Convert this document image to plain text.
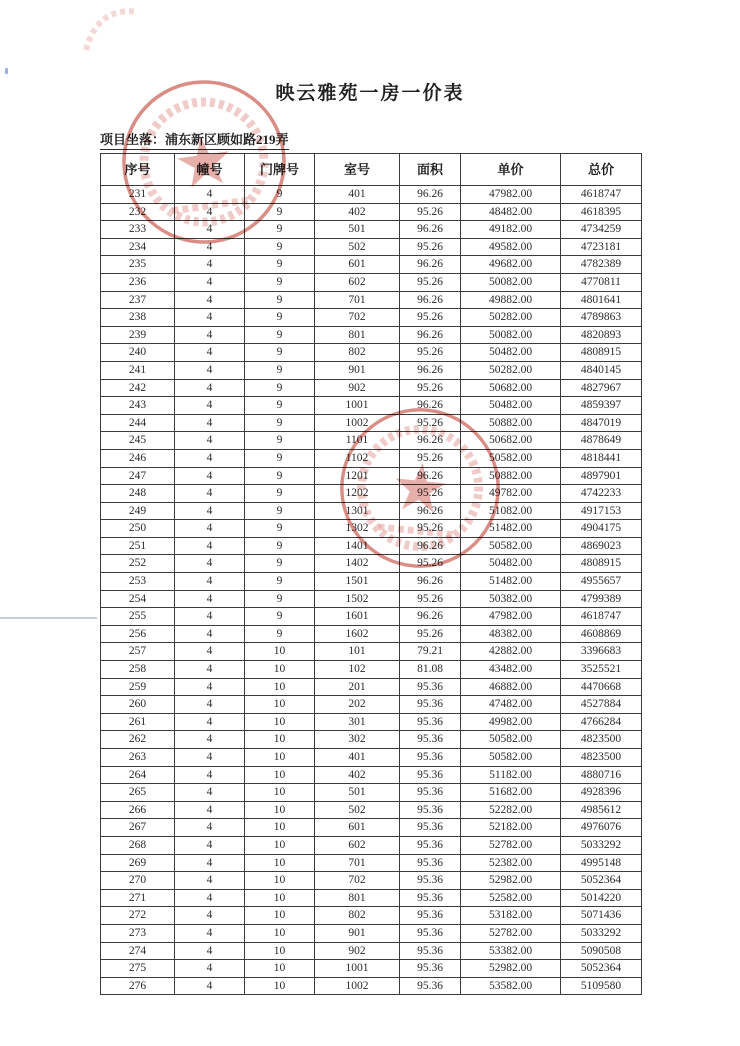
映云雅苑一房一价表
项目坐落：浦东新区顾如路219弄
序号	幢号	门牌号	室号	面积	单价	总价
231	4	9	401	96.26	47982.00	4618747
232	4	9	402	95.26	48482.00	4618395
233	4	9	501	96.26	49182.00	4734259
234	4	9	502	95.26	49582.00	4723181
235	4	9	601	96.26	49682.00	4782389
236	4	9	602	95.26	50082.00	4770811
237	4	9	701	96.26	49882.00	4801641
238	4	9	702	95.26	50282.00	4789863
239	4	9	801	96.26	50082.00	4820893
240	4	9	802	95.26	50482.00	4808915
241	4	9	901	96.26	50282.00	4840145
242	4	9	902	95.26	50682.00	4827967
243	4	9	1001	96.26	50482.00	4859397
244	4	9	1002	95.26	50882.00	4847019
245	4	9	1101	96.26	50682.00	4878649
246	4	9	1102	95.26	50582.00	4818441
247	4	9	1201	96.26	50882.00	4897901
248	4	9	1202	95.26	49782.00	4742233
249	4	9	1301	96.26	51082.00	4917153
250	4	9	1302	95.26	51482.00	4904175
251	4	9	1401	96.26	50582.00	4869023
252	4	9	1402	95.26	50482.00	4808915
253	4	9	1501	96.26	51482.00	4955657
254	4	9	1502	95.26	50382.00	4799389
255	4	9	1601	96.26	47982.00	4618747
256	4	9	1602	95.26	48382.00	4608869
257	4	10	101	79.21	42882.00	3396683
258	4	10	102	81.08	43482.00	3525521
259	4	10	201	95.36	46882.00	4470668
260	4	10	202	95.36	47482.00	4527884
261	4	10	301	95.36	49982.00	4766284
262	4	10	302	95.36	50582.00	4823500
263	4	10	401	95.36	50582.00	4823500
264	4	10	402	95.36	51182.00	4880716
265	4	10	501	95.36	51682.00	4928396
266	4	10	502	95.36	52282.00	4985612
267	4	10	601	95.36	52182.00	4976076
268	4	10	602	95.36	52782.00	5033292
269	4	10	701	95.36	52382.00	4995148
270	4	10	702	95.36	52982.00	5052364
271	4	10	801	95.36	52582.00	5014220
272	4	10	802	95.36	53182.00	5071436
273	4	10	901	95.36	52782.00	5033292
274	4	10	902	95.36	53382.00	5090508
275	4	10	1001	95.36	52982.00	5052364
276	4	10	1002	95.36	53582.00	5109580
